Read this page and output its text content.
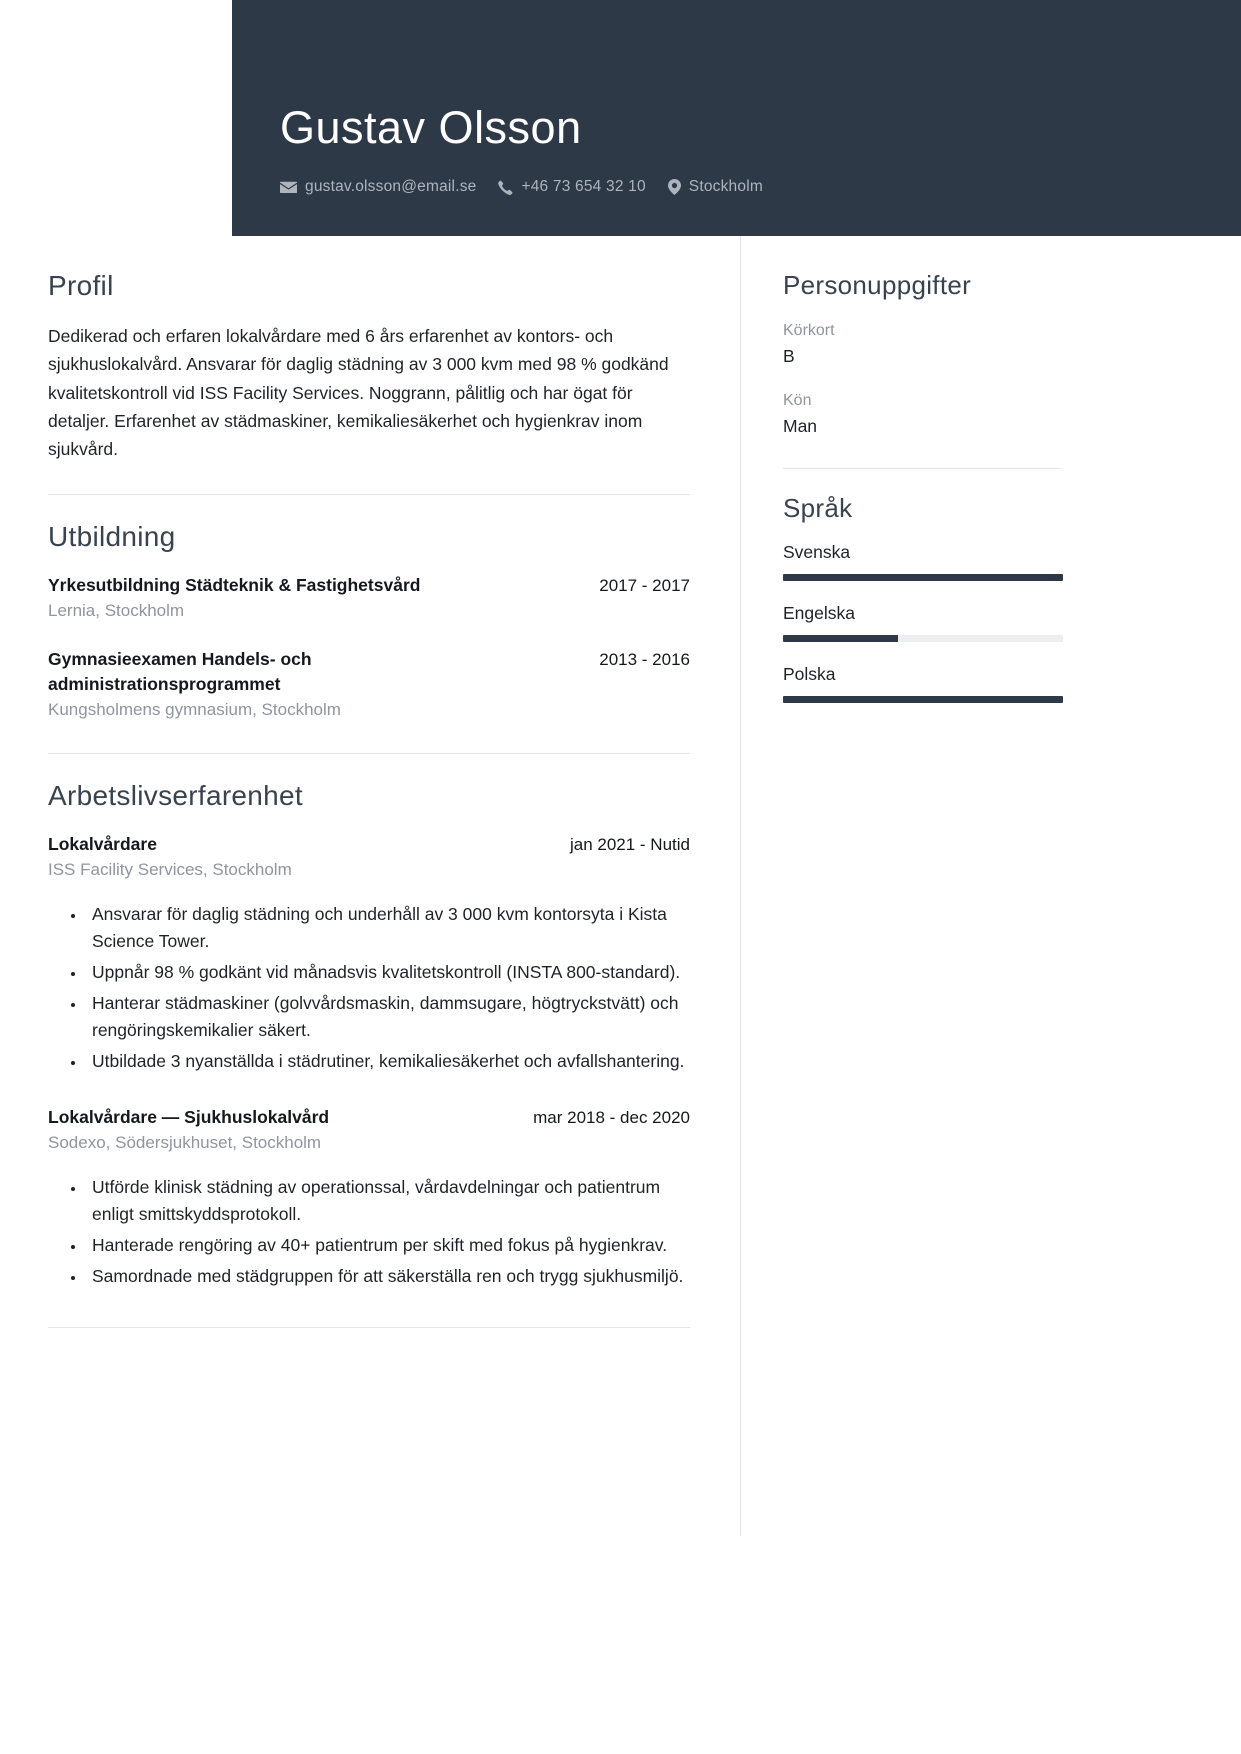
Gustav Olsson
gustav.olsson@email.se	+46 73 654 32 10	Stockholm
Profil

Dedikerad och erfaren lokalvårdare med 6 års erfarenhet av kontors- och sjukhuslokalvård. Ansvarar för daglig städning av 3 000 kvm med 98 % godkänd kvalitetskontroll vid ISS Facility Services. Noggrann, pålitlig och har ögat för detaljer. Erfarenhet av städmaskiner, kemikaliesäkerhet och hygienkrav inom sjukvård.

Utbildning
Yrkesutbildning Städteknik & Fastighetsvård	2017 - 2017
Lernia, Stockholm
Gymnasieexamen Handels- och administrationsprogrammet
2013 - 2016
Kungsholmens gymnasium, Stockholm
Arbetslivserfarenhet
Lokalvårdare	jan 2021 - Nutid
ISS Facility Services, Stockholm
• Ansvarar för daglig städning och underhåll av 3 000 kvm kontorsyta i Kista Science Tower.
• Uppnår 98 % godkänt vid månadsvis kvalitetskontroll (INSTA 800-standard).
• Hanterar städmaskiner (golvvårdsmaskin, dammsugare, högtryckstvätt) och rengöringskemikalier säkert.
• Utbildade 3 nyanställda i städrutiner, kemikaliesäkerhet och avfallshantering.
Lokalvårdare — Sjukhuslokalvård	mar 2018 - dec 2020
Sodexo, Södersjukhuset, Stockholm
• Utförde klinisk städning av operationssal, vårdavdelningar och patientrum enligt smittskyddsprotokoll.
• Hanterade rengöring av 40+ patientrum per skift med fokus på hygienkrav.
• Samordnade med städgruppen för att säkerställa ren och trygg sjukhusmiljö.
Personuppgifter
Körkort
B
Kön
Man
Språk
Svenska
Engelska
Polska
